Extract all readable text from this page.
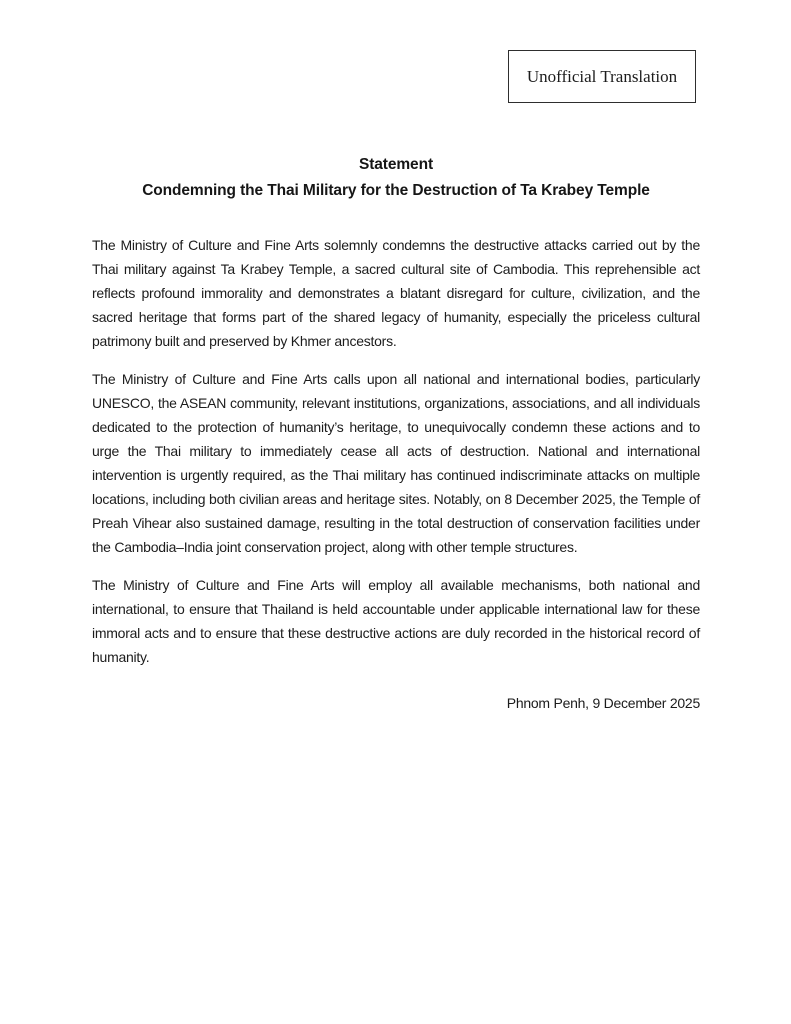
Unofficial Translation
Statement
Condemning the Thai Military for the Destruction of Ta Krabey Temple

The Ministry of Culture and Fine Arts solemnly condemns the destructive attacks carried out by the Thai military against Ta Krabey Temple, a sacred cultural site of Cambodia. This reprehensible act reflects profound immorality and demonstrates a blatant disregard for culture, civilization, and the sacred heritage that forms part of the shared legacy of humanity, especially the priceless cultural patrimony built and preserved by Khmer ancestors.

The Ministry of Culture and Fine Arts calls upon all national and international bodies, particularly UNESCO, the ASEAN community, relevant institutions, organizations, associations, and all individuals dedicated to the protection of humanity’s heritage, to unequivocally condemn these actions and to urge the Thai military to immediately cease all acts of destruction. National and international intervention is urgently required, as the Thai military has continued indiscriminate attacks on multiple locations, including both civilian areas and heritage sites. Notably, on 8 December 2025, the Temple of Preah Vihear also sustained damage, resulting in the total destruction of conservation facilities under the Cambodia–India joint conservation project, along with other temple structures.

The Ministry of Culture and Fine Arts will employ all available mechanisms, both national and international, to ensure that Thailand is held accountable under applicable international law for these immoral acts and to ensure that these destructive actions are duly recorded in the historical record of humanity.

Phnom Penh, 9 December 2025
